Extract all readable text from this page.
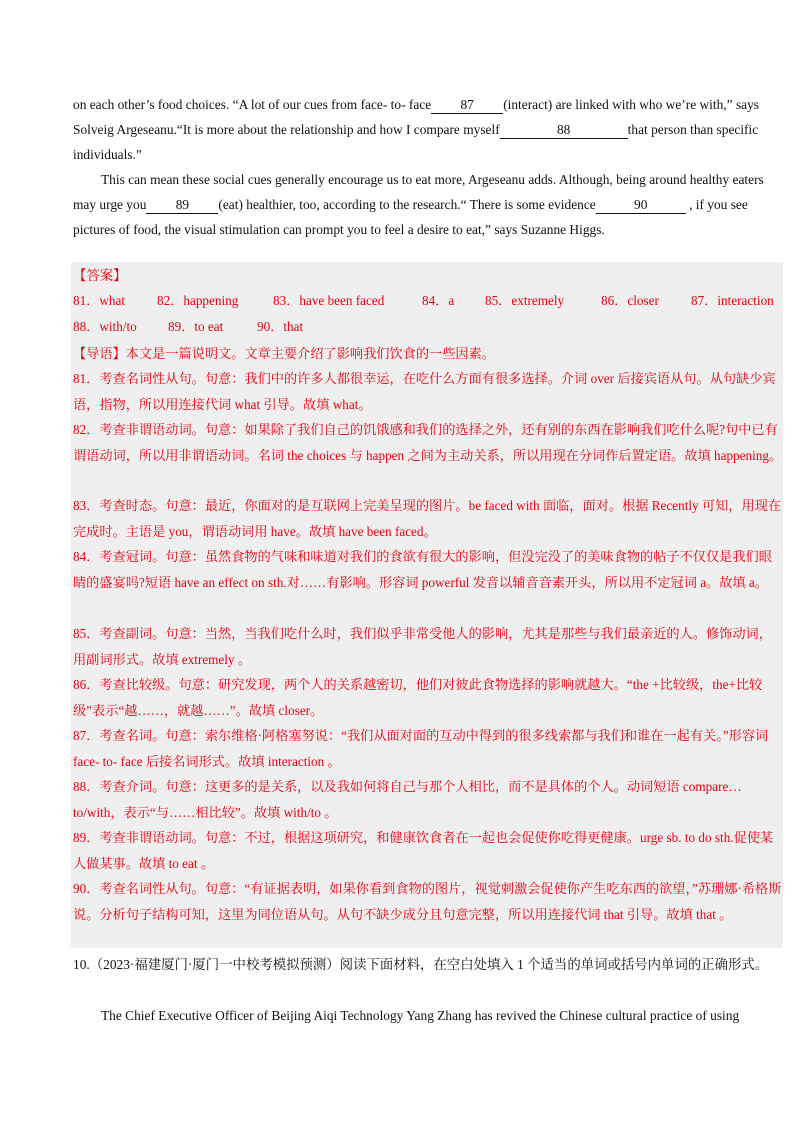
on each other’s food choices. “A lot of our cues from face- to- face 87 (interact) are linked with who we’re with,” says Solveig Argeseanu.“It is more about the relationship and how I compare myself	88	that person than specific individuals.”

This can mean these social cues generally encourage us to eat more, Argeseanu adds. Although, being around healthy eaters may urge you 89 (eat) healthier, too, according to the research.“ There is some evidence	90	, if you see pictures of food, the visual stimulation can prompt you to feel a desire to eat,” says Suzanne Higgs.

【答案】
81．what 82．happening	83．have been faced	84．a 85．extremely	86．closer 87．interaction
88．with/to 89．to eat	90．that

【导语】本文是一篇说明文。文章主要介绍了影响我们饮食的一些因素。

81．考查名词性从句。句意：我们中的许多人都很幸运，在吃什么方面有很多选择。介词 over 后接宾语从句。从句缺少宾语，指物，所以用连接代词 what 引导。故填 what。

82．考查非谓语动词。句意：如果除了我们自己的饥饿感和我们的选择之外，还有别的东西在影响我们吃什么呢?句中已有谓语动词，所以用非谓语动词。名词 the choices 与 happen 之间为主动关系，所以用现在分词作后置定语。故填 happening。

83．考查时态。句意：最近，你面对的是互联网上完美呈现的图片。be faced with 面临，面对。根据 Recently 可知，用现在完成时。主语是 you，谓语动词用 have。故填 have been faced。

84．考查冠词。句意：虽然食物的气味和味道对我们的食欲有很大的影响，但没完没了的美味食物的帖子不仅仅是我们眼睛的盛宴吗?短语 have an effect on sth.对……有影响。形容词 powerful 发音以辅音音素开头，所以用不定冠词 a。故填 a。

85．考查副词。句意：当然，当我们吃什么时，我们似乎非常受他人的影响，尤其是那些与我们最亲近的人。修饰动词，用副词形式。故填 extremely 。

86．考查比较级。句意：研究发现，两个人的关系越密切，他们对彼此食物选择的影响就越大。“the +比较级，the+比较级”表示“越……，就越……”。故填 closer。

87．考查名词。句意：索尔维格·阿格塞努说：“我们从面对面的互动中得到的很多线索都与我们和谁在一起有关。”形容词 face- to- face 后接名词形式。故填 interaction 。

88．考查介词。句意：这更多的是关系，以及我如何将自己与那个人相比，而不是具体的个人。动词短语 compare…to/with，表示“与……相比较”。故填 with/to 。

89．考查非谓语动词。句意：不过，根据这项研究，和健康饮食者在一起也会促使你吃得更健康。urge sb. to do sth.促使某人做某事。故填 to eat 。

90．考查名词性从句。句意：“有证据表明，如果你看到食物的图片，视觉刺激会促使你产生吃东西的欲望，”苏珊娜·希格斯说。分析句子结构可知，这里为同位语从句。从句不缺少成分且句意完整，所以用连接代词 that 引导。故填 that 。

10.（2023·福建厦门·厦门一中校考模拟预测）阅读下面材料，在空白处填入 1 个适当的单词或括号内单词的正确形式。

The Chief Executive Officer of Beijing Aiqi Technology Yang Zhang has revived the Chinese cultural practice of using
